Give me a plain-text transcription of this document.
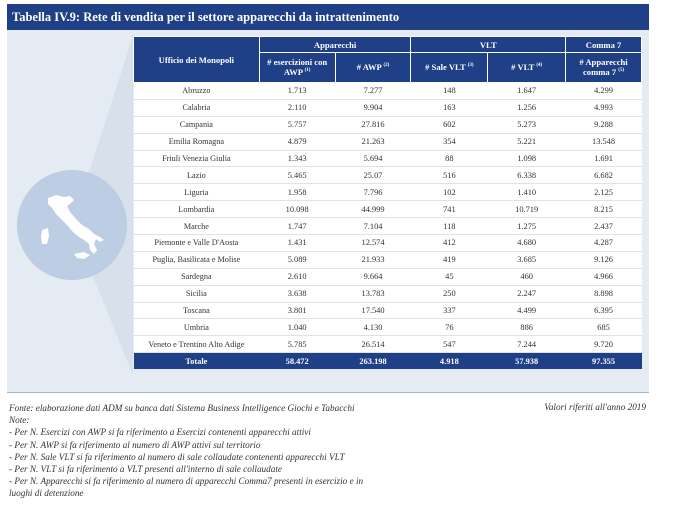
Tabella IV.9: Rete di vendita per il settore apparecchi da intrattenimento
Ufficio dei Monopoli	Apparecchi		VLT		Comma 7
	# esercizioni con AWP $^{(1)}$	# AWP $^{(2)}$	# Sale VLT $^{(3)}$	# VLT $^{(4)}$	# Apparecchi comma 7 $^{(5)}$
Abruzzo	1.713	7.277	148	1.647	4.299
Calabria	2.110	9.904	163	1.256	4.993
Campania	5.757	27.816	602	5.273	9.288
Emilia Romagna	4.879	21.263	354	5.221	13.548
Friuli Venezia Giulia	1.343	5.694	88	1.098	1.691
Lazio	5.465	25.07	516	6.338	6.682
Liguria	1.958	7.796	102	1.410	2.125
Lombardia	10.098	44.999	741	10.719	8.215
Marche	1.747	7.104	118	1.275	2.437
Piemonte e Valle D'Aosta	1.431	12.574	412	4.680	4.287
Puglia, Basilicata e Molise	5.089	21.933	419	3.685	9.126
Sardegna	2.610	9.664	45	460	4.966
Sicilia	3.638	13.783	250	2.247	8.898
Toscana	3.801	17.540	337	4.499	6.395
Umbria	1.040	4.130	76	886	685
Veneto e Trentino Alto Adige	5.785	26.514	547	7.244	9.720
Totale	58.472	263.198	4.918	57.938	97.355
Fonte: elaborazione dati ADM su banca dati Sistema Business Intelligence Giochi e Tabacchi
Note:
- Per N. Esercizi con AWP si fa riferimento a Esercizi contenenti apparecchi attivi
- Per N. AWP si fa riferimento al numero di AWP attivi sul territorio
- Per N. Sale VLT si fa riferimento al numero di sale collaudate contenenti apparecchi VLT
- Per N. VLT si fa riferimento a VLT presenti all'interno di sale collaudate
- Per N. Apparecchi si fa riferimento al numero di apparecchi Comma7 presenti in esercizio e in
luoghi di detenzione
Valori riferiti all'anno 2019
